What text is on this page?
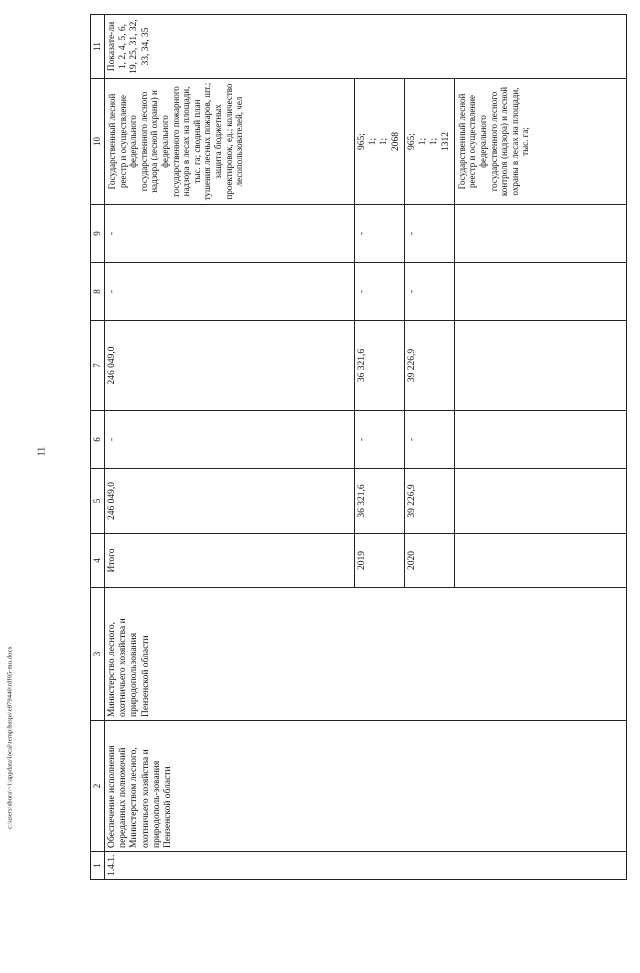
11
c:\users\sbora\~1\appdata\local\temp\bssps\e879440\rdf05-mu.docx
1	2	3	4	5	6	7	8	9	10	11
1.4.1.	Обеспечение исполнения переданных полномочий Министерством лесного, охотничьего хозяйства и природополь-зования Пензенской области	Министерство лесного, охотничьего хозяйства и природопользования Пензенской области	Итого	246 049,0	-	246 049,0	-	-	Государственный лесной реестр и осуществление федерального государственного лесного надзора (лесной охраны) и федерального государственного пожарного надзора в лесах на площади, тыс. га; сводный план тушения лесных пожаров, шт.; защита бюджетных проектировок, ед.; количество лесопользователей, чел	Показате-ли 1, 2, 4, 5, 6, 19, 25, 31, 32, 33, 34, 35
			2019	36 321,6	-	36 321,6	-	-	965;
1;
1;
2068	
			2020	39 226,9	-	39 226,9	-	-	965;
1;
1;
1312	
									Государственный лесной реестр и осуществление федерального государственного лесного контроля (надзора) и лесной охраны в лесах на площади, тыс. га;	
